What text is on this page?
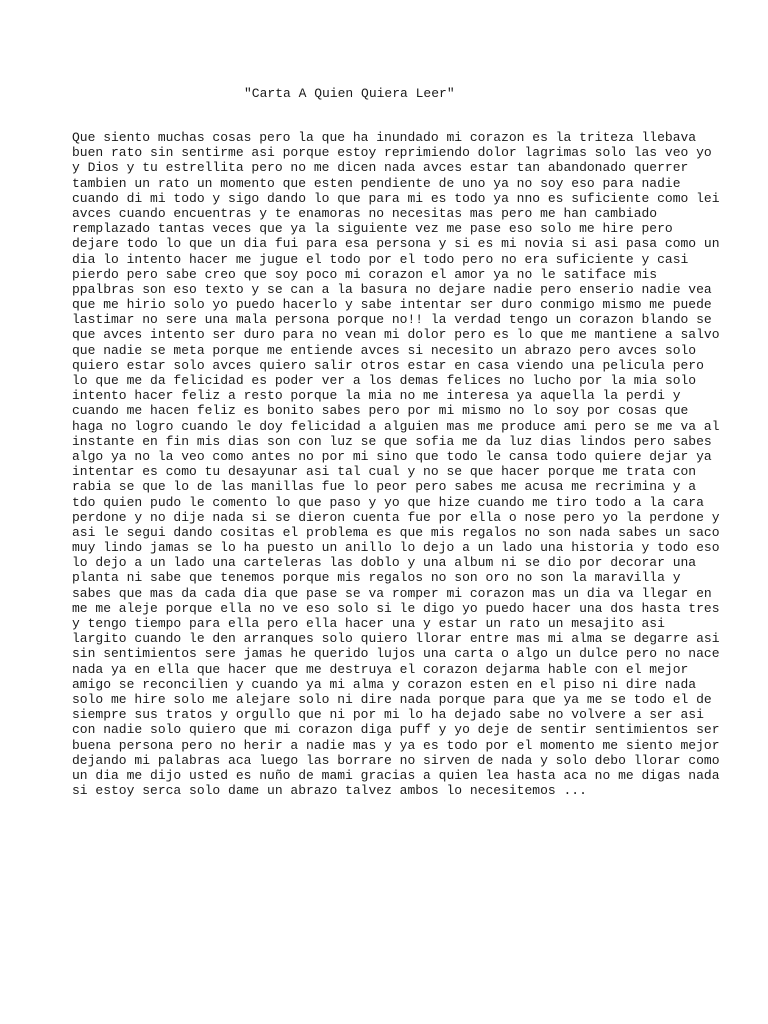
"Carta A Quien Quiera Leer"
Que siento muchas cosas pero la que ha inundado mi corazon es la triteza llebava
buen rato sin sentirme asi porque estoy reprimiendo dolor lagrimas solo las veo yo
y Dios y tu estrellita pero no me dicen nada avces estar tan abandonado querrer
tambien un rato un momento que esten pendiente de uno ya no soy eso para nadie
cuando di mi todo y sigo dando lo que para mi es todo ya nno es suficiente como lei
avces cuando encuentras y te enamoras no necesitas mas pero me han cambiado
remplazado tantas veces que ya la siguiente vez me pase eso solo me hire pero
dejare todo lo que un dia fui para esa persona y si es mi novia si asi pasa como un
dia lo intento hacer me jugue el todo por el todo pero no era suficiente y casi
pierdo pero sabe creo que soy poco mi corazon el amor ya no le satiface mis
ppalbras son eso texto y se can a la basura no dejare nadie pero enserio nadie vea
que me hirio solo yo puedo hacerlo y sabe intentar ser duro conmigo mismo me puede
lastimar no sere una mala persona porque no!! la verdad tengo un corazon blando se
que avces intento ser duro para no vean mi dolor pero es lo que me mantiene a salvo
que nadie se meta porque me entiende avces si necesito un abrazo pero avces solo
quiero estar solo avces quiero salir otros estar en casa viendo una pelicula pero
lo que me da felicidad es poder ver a los demas felices no lucho por la mia solo
intento hacer feliz a resto porque la mia no me interesa ya aquella la perdi y
cuando me hacen feliz es bonito sabes pero por mi mismo no lo soy por cosas que
haga no logro cuando le doy felicidad a alguien mas me produce ami pero se me va al
instante en fin mis dias son con luz se que sofia me da luz dias lindos pero sabes
algo ya no la veo como antes no por mi sino que todo le cansa todo quiere dejar ya
intentar es como tu desayunar asi tal cual y no se que hacer porque me trata con
rabia se que lo de las manillas fue lo peor pero sabes me acusa me recrimina y a
tdo quien pudo le comento lo que paso y yo que hize cuando me tiro todo a la cara
perdone y no dije nada si se dieron cuenta fue por ella o nose pero yo la perdone y
asi le segui dando cositas el problema es que mis regalos no son nada sabes un saco
muy lindo jamas se lo ha puesto un anillo lo dejo a un lado una historia y todo eso
lo dejo a un lado una carteleras las doblo y una album ni se dio por decorar una
planta ni sabe que tenemos porque mis regalos no son oro no son la maravilla y
sabes que mas da cada dia que pase se va romper mi corazon mas un dia va llegar en
me me aleje porque ella no ve eso solo si le digo yo puedo hacer una dos hasta tres
y tengo tiempo para ella pero ella hacer una y estar un rato un mesajito asi
largito cuando le den arranques solo quiero llorar entre mas mi alma se degarre asi
sin sentimientos sere jamas he querido lujos una carta o algo un dulce pero no nace
nada ya en ella que hacer que me destruya el corazon dejarma hable con el mejor
amigo se reconcilien y cuando ya mi alma y corazon esten en el piso ni dire nada
solo me hire solo me alejare solo ni dire nada porque para que ya me se todo el de
siempre sus tratos y orgullo que ni por mi lo ha dejado sabe no volvere a ser asi
con nadie solo quiero que mi corazon diga puff y yo deje de sentir sentimientos ser
buena persona pero no herir a nadie mas y ya es todo por el momento me siento mejor
dejando mi palabras aca luego las borrare no sirven de nada y solo debo llorar como
un dia me dijo usted es nuño de mami gracias a quien lea hasta aca no me digas nada
si estoy serca solo dame un abrazo talvez ambos lo necesitemos ...
